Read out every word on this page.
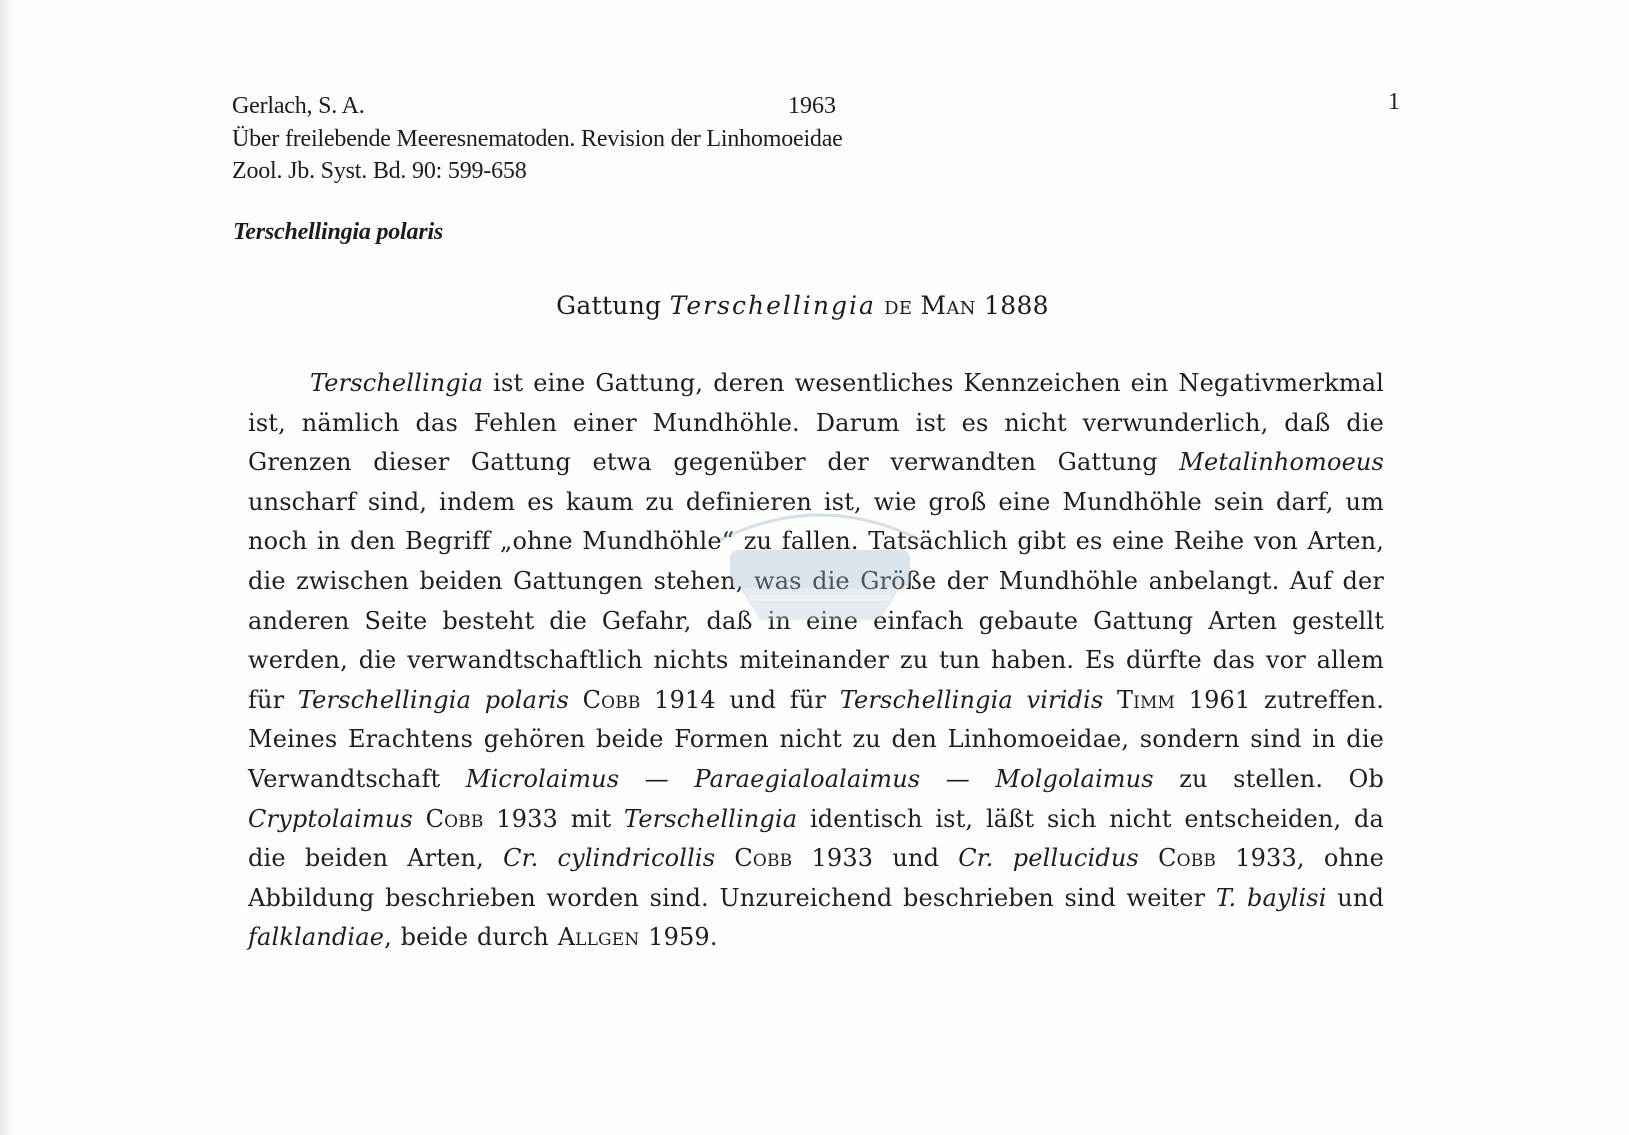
Gerlach, S. A.
Über freilebende Meeresnematoden. Revision der Linhomoeidae
Zool. Jb. Syst. Bd. 90: 599-658
1963	1
Terschellingia polaris
Gattung Terschellingia de Man 1888

Terschellingia ist eine Gattung, deren wesentliches Kennzeichen ein Negativmerkmal ist, nämlich das Fehlen einer Mundhöhle. Darum ist es nicht verwunderlich, daß die Grenzen dieser Gattung etwa gegenüber der verwandten Gattung Metalinhomoeus unscharf sind, indem es kaum zu definieren ist, wie groß eine Mundhöhle sein darf, um noch in den Begriff „ohne Mundhöhle“ zu fallen. Tatsächlich gibt es eine Reihe von Arten, die zwischen beiden Gattungen stehen, was die Größe der Mundhöhle anbelangt. Auf der anderen Seite besteht die Gefahr, daß in eine einfach gebaute Gattung Arten gestellt werden, die verwandtschaftlich nichts miteinander zu tun haben. Es dürfte das vor allem für Terschellingia polaris Cobb 1914 und für Terschellingia viridis Timm 1961 zutreffen. Meines Erachtens gehören beide Formen nicht zu den Linhomoeidae, sondern sind in die Verwandtschaft Microlaimus — Paraegialoalaimus — Molgolaimus zu stellen. Ob Cryptolaimus Cobb 1933 mit Terschellingia identisch ist, läßt sich nicht entscheiden, da die beiden Arten, Cr. cylindricollis Cobb 1933 und Cr. pellucidus Cobb 1933, ohne Abbildung beschrieben worden sind. Unzureichend beschrieben sind weiter T. baylisi und falklandiae, beide durch Allgen 1959.
